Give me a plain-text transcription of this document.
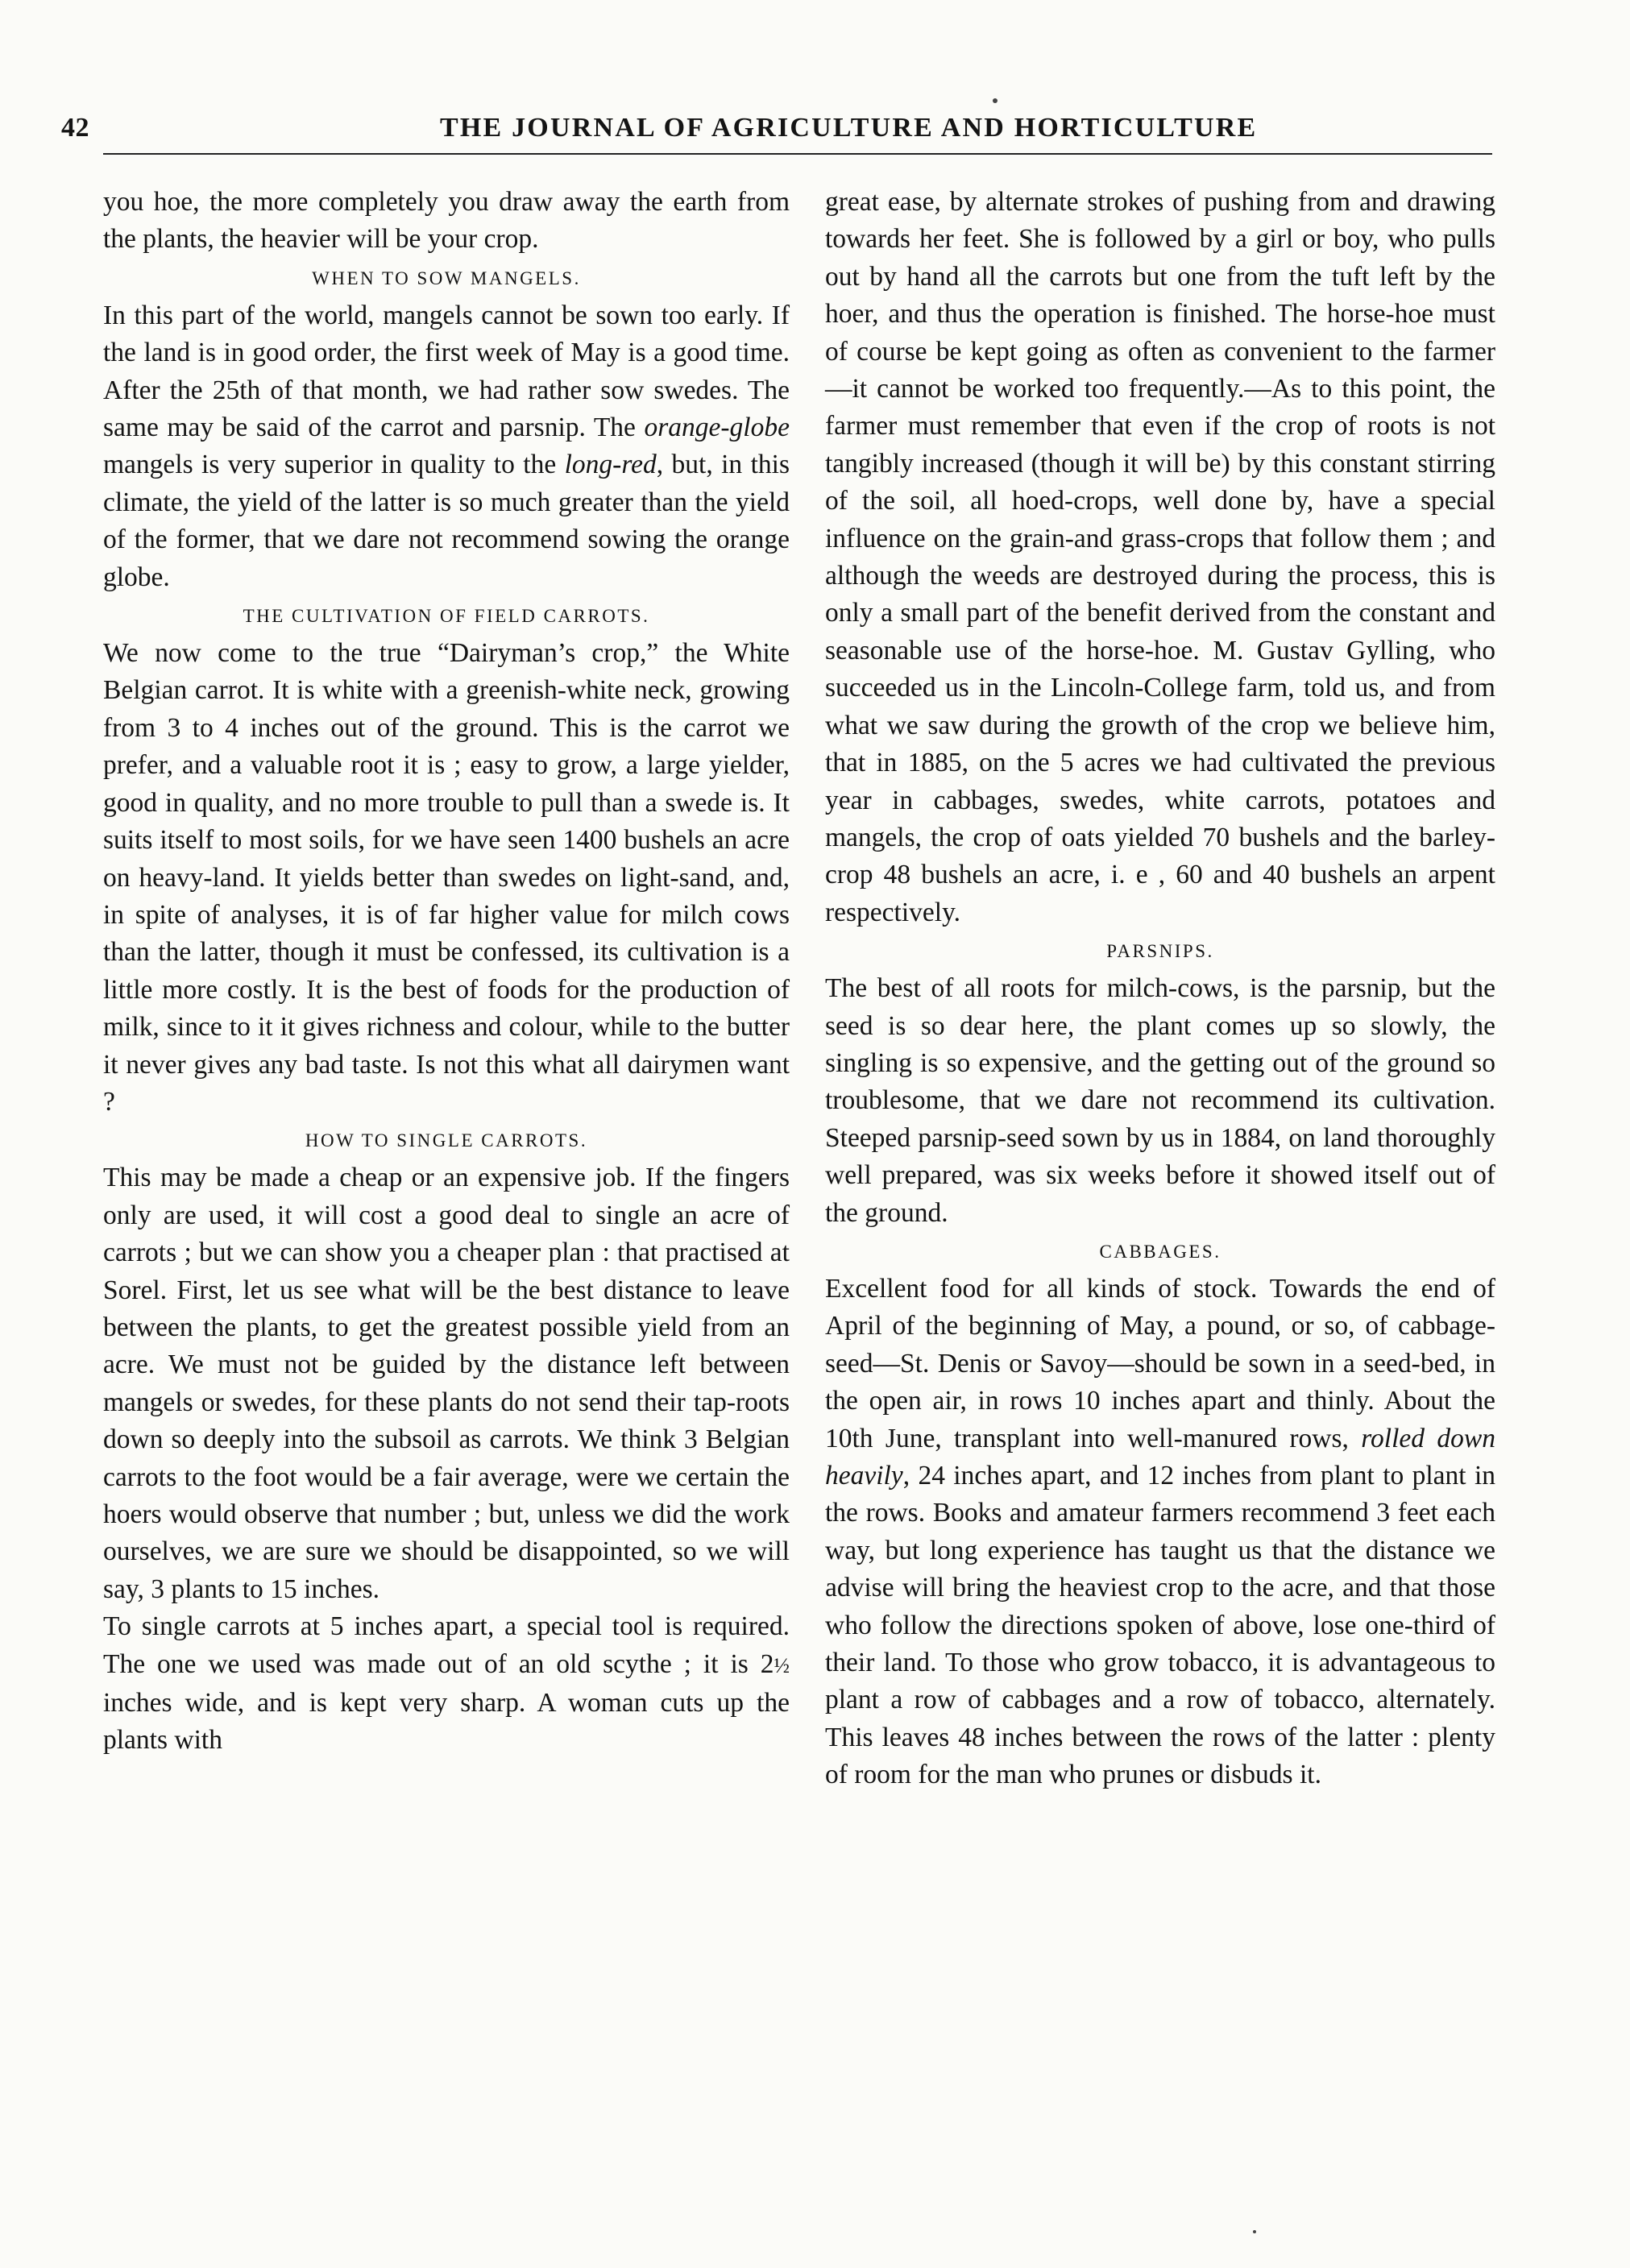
42	THE JOURNAL OF AGRICULTURE AND HORTICULTURE

you hoe, the more completely you draw away the earth from the plants, the heavier will be your crop.

WHEN TO SOW MANGELS.

In this part of the world, mangels cannot be sown too early. If the land is in good order, the first week of May is a good time. After the 25th of that month, we had rather sow swedes. The same may be said of the carrot and parsnip. The orange-globe mangels is very superior in quality to the long-red, but, in this climate, the yield of the latter is so much greater than the yield of the former, that we dare not recommend sowing the orange globe.

THE CULTIVATION OF FIELD CARROTS.

We now come to the true “Dairyman’s crop,” the White Belgian carrot. It is white with a greenish-white neck, growing from 3 to 4 inches out of the ground. This is the carrot we prefer, and a valuable root it is ; easy to grow, a large yielder, good in quality, and no more trouble to pull than a swede is. It suits itself to most soils, for we have seen 1400 bushels an acre on heavy-land. It yields better than swedes on light-sand, and, in spite of analyses, it is of far higher value for milch cows than the latter, though it must be confessed, its cultivation is a little more costly. It is the best of foods for the production of milk, since to it it gives richness and colour, while to the butter it never gives any bad taste. Is not this what all dairymen want ?

HOW TO SINGLE CARROTS.

This may be made a cheap or an expensive job. If the fingers only are used, it will cost a good deal to single an acre of carrots ; but we can show you a cheaper plan : that practised at Sorel. First, let us see what will be the best distance to leave between the plants, to get the greatest possible yield from an acre. We must not be guided by the distance left between mangels or swedes, for these plants do not send their tap-roots down so deeply into the subsoil as carrots. We think 3 Belgian carrots to the foot would be a fair average, were we certain the hoers would observe that number ; but, unless we did the work ourselves, we are sure we should be disappointed, so we will say, 3 plants to 15 inches.

To single carrots at 5 inches apart, a special tool is required. The one we used was made out of an old scythe ; it is 2½ inches wide, and is kept very sharp. A woman cuts up the plants with

great ease, by alternate strokes of pushing from and drawing towards her feet. She is followed by a girl or boy, who pulls out by hand all the carrots but one from the tuft left by the hoer, and thus the operation is finished. The horse-hoe must of course be kept going as often as convenient to the farmer—it cannot be worked too frequently.—As to this point, the farmer must remember that even if the crop of roots is not tangibly increased (though it will be) by this constant stirring of the soil, all hoed-crops, well done by, have a special influence on the grain-and grass-crops that follow them ; and although the weeds are destroyed during the process, this is only a small part of the benefit derived from the constant and seasonable use of the horse-hoe. M. Gustav Gylling, who succeeded us in the Lincoln-College farm, told us, and from what we saw during the growth of the crop we believe him, that in 1885, on the 5 acres we had cultivated the previous year in cabbages, swedes, white carrots, potatoes and mangels, the crop of oats yielded 70 bushels and the barley-crop 48 bushels an acre, i. e , 60 and 40 bushels an arpent respectively.

PARSNIPS.

The best of all roots for milch-cows, is the parsnip, but the seed is so dear here, the plant comes up so slowly, the singling is so expensive, and the getting out of the ground so troublesome, that we dare not recommend its cultivation. Steeped parsnip-seed sown by us in 1884, on land thoroughly well prepared, was six weeks before it showed itself out of the ground.

CABBAGES.

Excellent food for all kinds of stock. Towards the end of April of the beginning of May, a pound, or so, of cabbage-seed—St. Denis or Savoy—should be sown in a seed-bed, in the open air, in rows 10 inches apart and thinly. About the 10th June, transplant into well-manured rows, rolled down heavily, 24 inches apart, and 12 inches from plant to plant in the rows. Books and amateur farmers recommend 3 feet each way, but long experience has taught us that the distance we advise will bring the heaviest crop to the acre, and that those who follow the directions spoken of above, lose one-third of their land. To those who grow tobacco, it is advantageous to plant a row of cabbages and a row of tobacco, alternately. This leaves 48 inches between the rows of the latter : plenty of room for the man who prunes or disbuds it.
